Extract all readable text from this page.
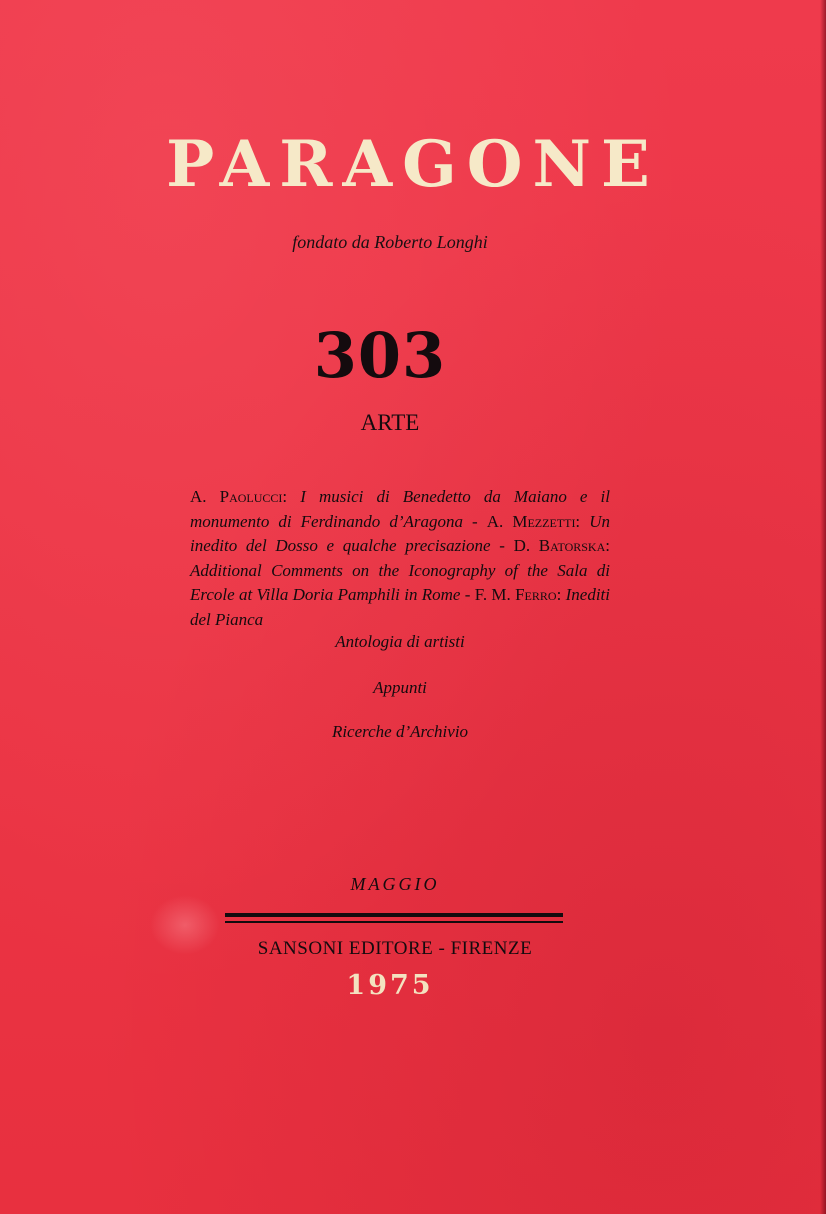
PARAGONE
fondato da Roberto Longhi
303
ARTE
A. Paolucci: I musici di Benedetto da Maiano e il monumento di Ferdinando d’Aragona - A. Mezzetti: Un inedito del Dosso e qualche precisazione - D. Batorska: Additional Comments on the Iconography of the Sala di Ercole at Villa Doria Pamphili in Rome - F. M. Ferro: Inediti del Pianca
Antologia di artisti
Appunti
Ricerche d’Archivio
MAGGIO
SANSONI EDITORE - FIRENZE
1975
